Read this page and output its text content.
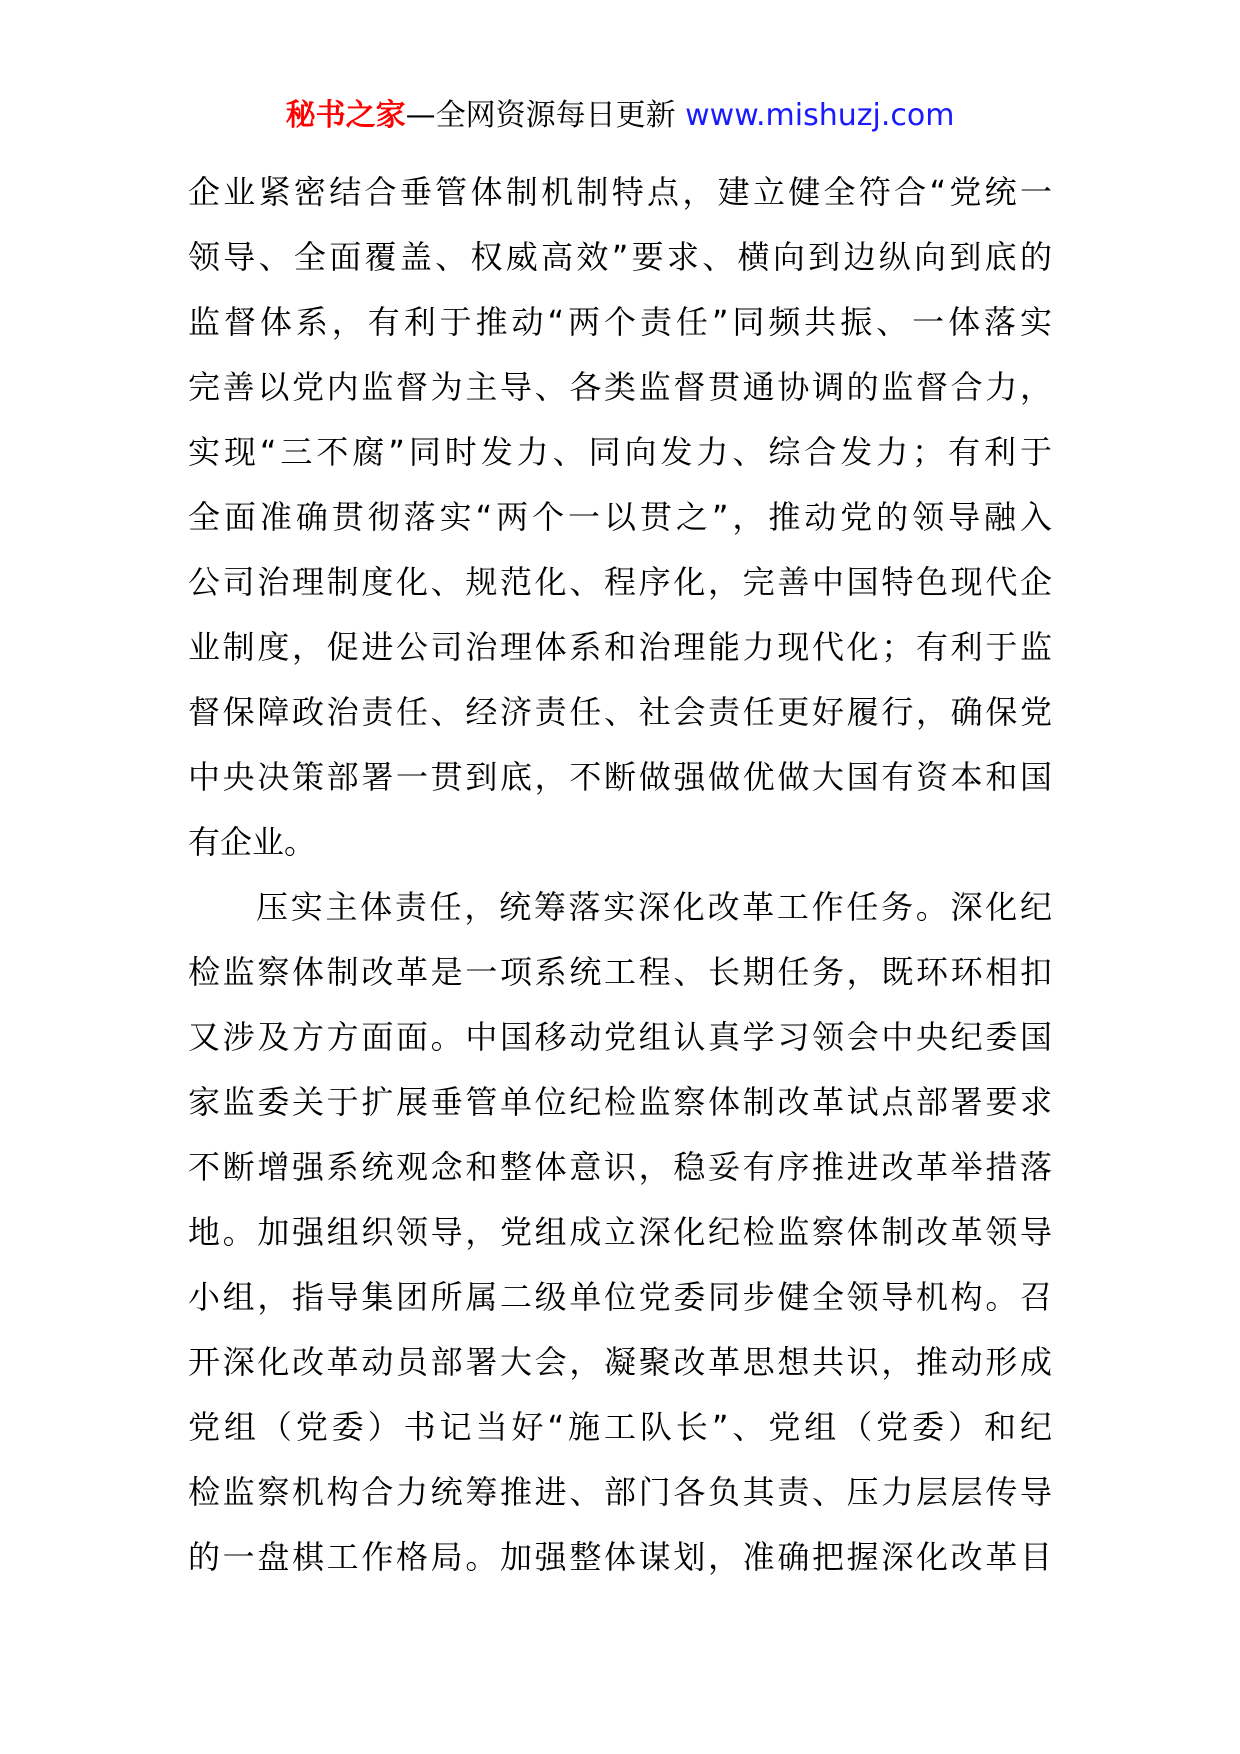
秘书之家—全网资源每日更新 www.mishuzj.com
企业紧密结合垂管体制机制特点，建立健全符合“党统一
领导、全面覆盖、权威高效”要求、横向到边纵向到底的
监督体系，有利于推动“两个责任”同频共振、一体落实
完善以党内监督为主导、各类监督贯通协调的监督合力，
实现“三不腐”同时发力、同向发力、综合发力；有利于
全面准确贯彻落实“两个一以贯之”，推动党的领导融入
公司治理制度化、规范化、程序化，完善中国特色现代企
业制度，促进公司治理体系和治理能力现代化；有利于监
督保障政治责任、经济责任、社会责任更好履行，确保党
中央决策部署一贯到底，不断做强做优做大国有资本和国
有企业。
压实主体责任，统筹落实深化改革工作任务。深化纪
检监察体制改革是一项系统工程、长期任务，既环环相扣
又涉及方方面面。中国移动党组认真学习领会中央纪委国
家监委关于扩展垂管单位纪检监察体制改革试点部署要求
不断增强系统观念和整体意识，稳妥有序推进改革举措落
地。加强组织领导，党组成立深化纪检监察体制改革领导
小组，指导集团所属二级单位党委同步健全领导机构。召
开深化改革动员部署大会，凝聚改革思想共识，推动形成
党组（党委）书记当好“施工队长”、党组（党委）和纪
检监察机构合力统筹推进、部门各负其责、压力层层传导
的一盘棋工作格局。加强整体谋划，准确把握深化改革目
